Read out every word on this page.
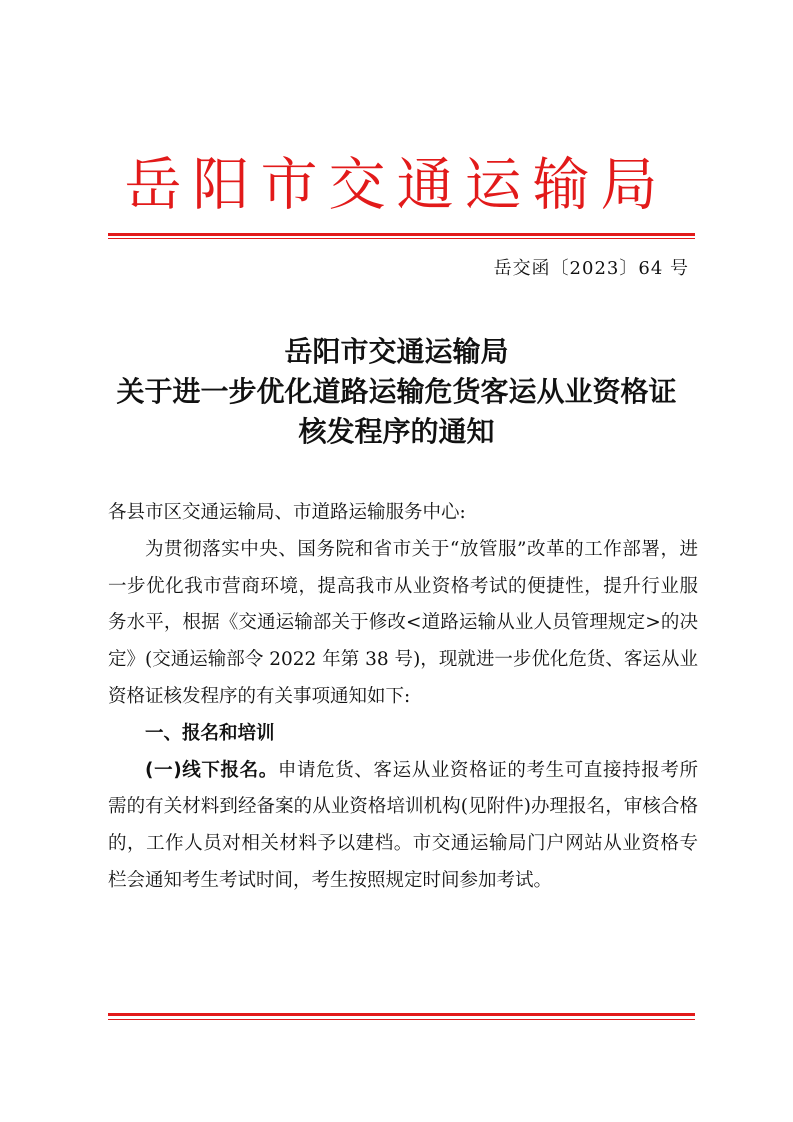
岳阳市交通运输局
岳交函〔2023〕64 号
岳阳市交通运输局
关于进一步优化道路运输危货客运从业资格证
核发程序的通知

各县市区交通运输局、市道路运输服务中心:

为贯彻落实中央、国务院和省市关于“放管服”改革的工作部署，进一步优化我市营商环境，提高我市从业资格考试的便捷性，提升行业服务水平，根据《交通运输部关于修改<道路运输从业人员管理规定>的决定》(交通运输部令 2022 年第 38 号)，现就进一步优化危货、客运从业资格证核发程序的有关事项通知如下:

一、报名和培训

(一)线下报名。申请危货、客运从业资格证的考生可直接持报考所需的有关材料到经备案的从业资格培训机构(见附件)办理报名，审核合格的，工作人员对相关材料予以建档。市交通运输局门户网站从业资格专栏会通知考生考试时间，考生按照规定时间参加考试。
